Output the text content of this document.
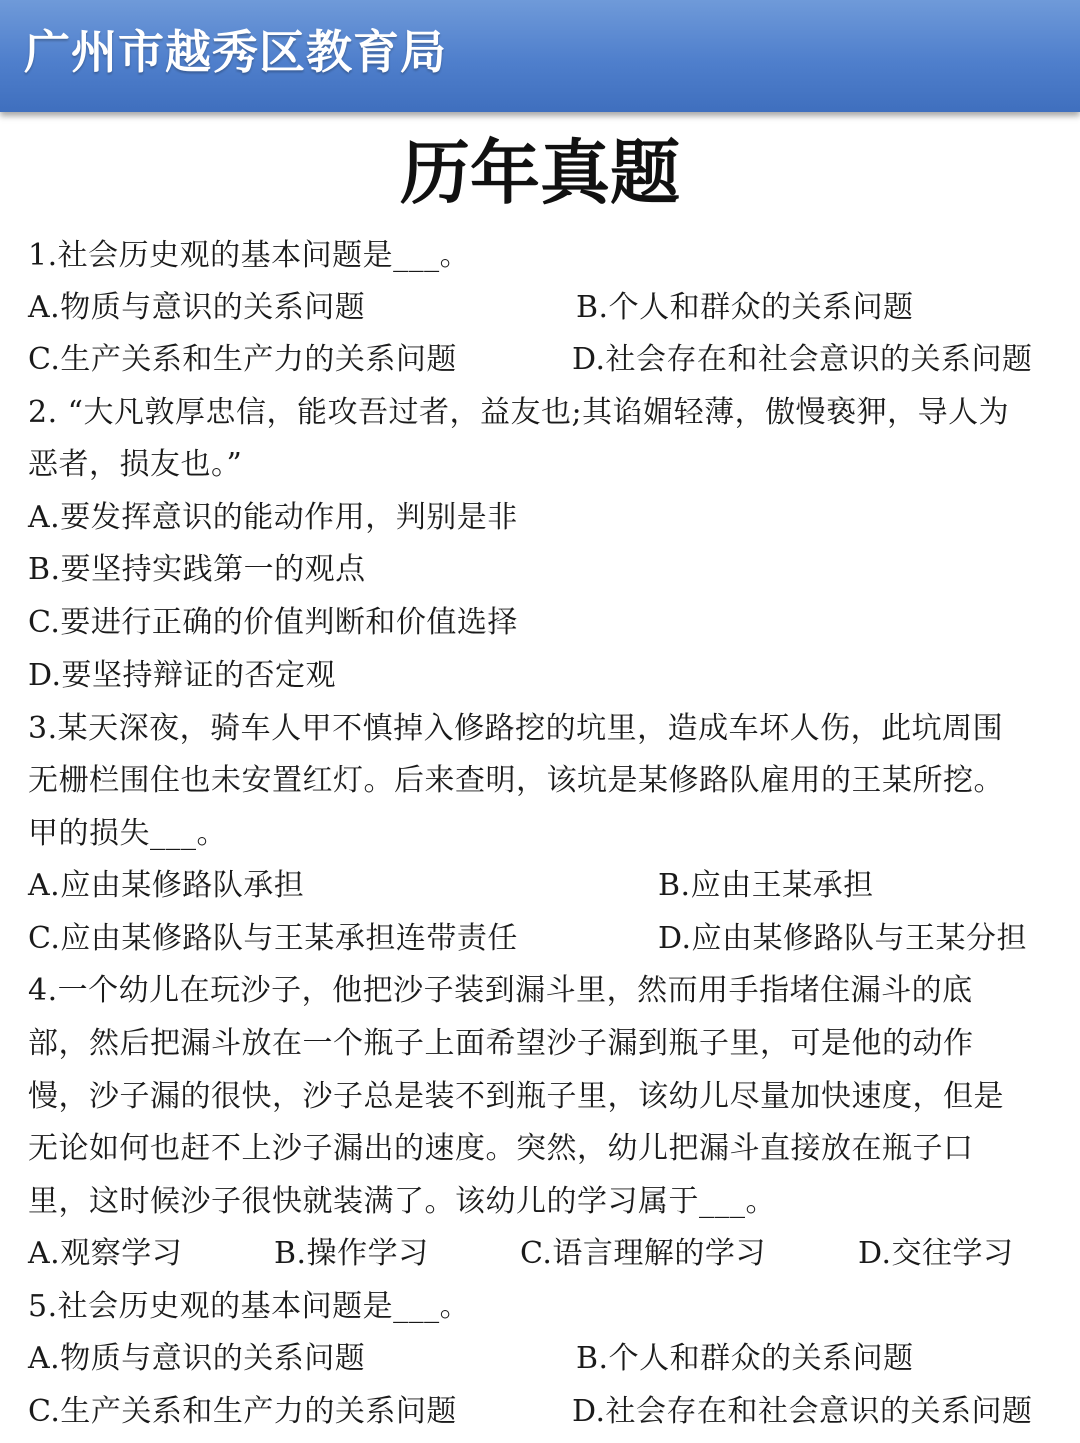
广州市越秀区教育局
历年真题
1.社会历史观的基本问题是___。
A.物质与意识的关系问题	B.个人和群众的关系问题
C.生产关系和生产力的关系问题	D.社会存在和社会意识的关系问题
2. “大凡敦厚忠信，能攻吾过者，益友也;其谄媚轻薄，傲慢亵狎，导人为
恶者，损友也。”
A.要发挥意识的能动作用，判别是非
B.要坚持实践第一的观点
C.要进行正确的价值判断和价值选择
D.要坚持辩证的否定观
3.某天深夜，骑车人甲不慎掉入修路挖的坑里，造成车坏人伤，此坑周围
无栅栏围住也未安置红灯。后来查明，该坑是某修路队雇用的王某所挖。
甲的损失___。
A.应由某修路队承担	B.应由王某承担
C.应由某修路队与王某承担连带责任	D.应由某修路队与王某分担
4.一个幼儿在玩沙子，他把沙子装到漏斗里，然而用手指堵住漏斗的底
部，然后把漏斗放在一个瓶子上面希望沙子漏到瓶子里，可是他的动作
慢，沙子漏的很快，沙子总是装不到瓶子里，该幼儿尽量加快速度，但是
无论如何也赶不上沙子漏出的速度。突然，幼儿把漏斗直接放在瓶子口
里，这时候沙子很快就装满了。该幼儿的学习属于___。
A.观察学习	B.操作学习	C.语言理解的学习	D.交往学习
5.社会历史观的基本问题是___。
A.物质与意识的关系问题	B.个人和群众的关系问题
C.生产关系和生产力的关系问题	D.社会存在和社会意识的关系问题
